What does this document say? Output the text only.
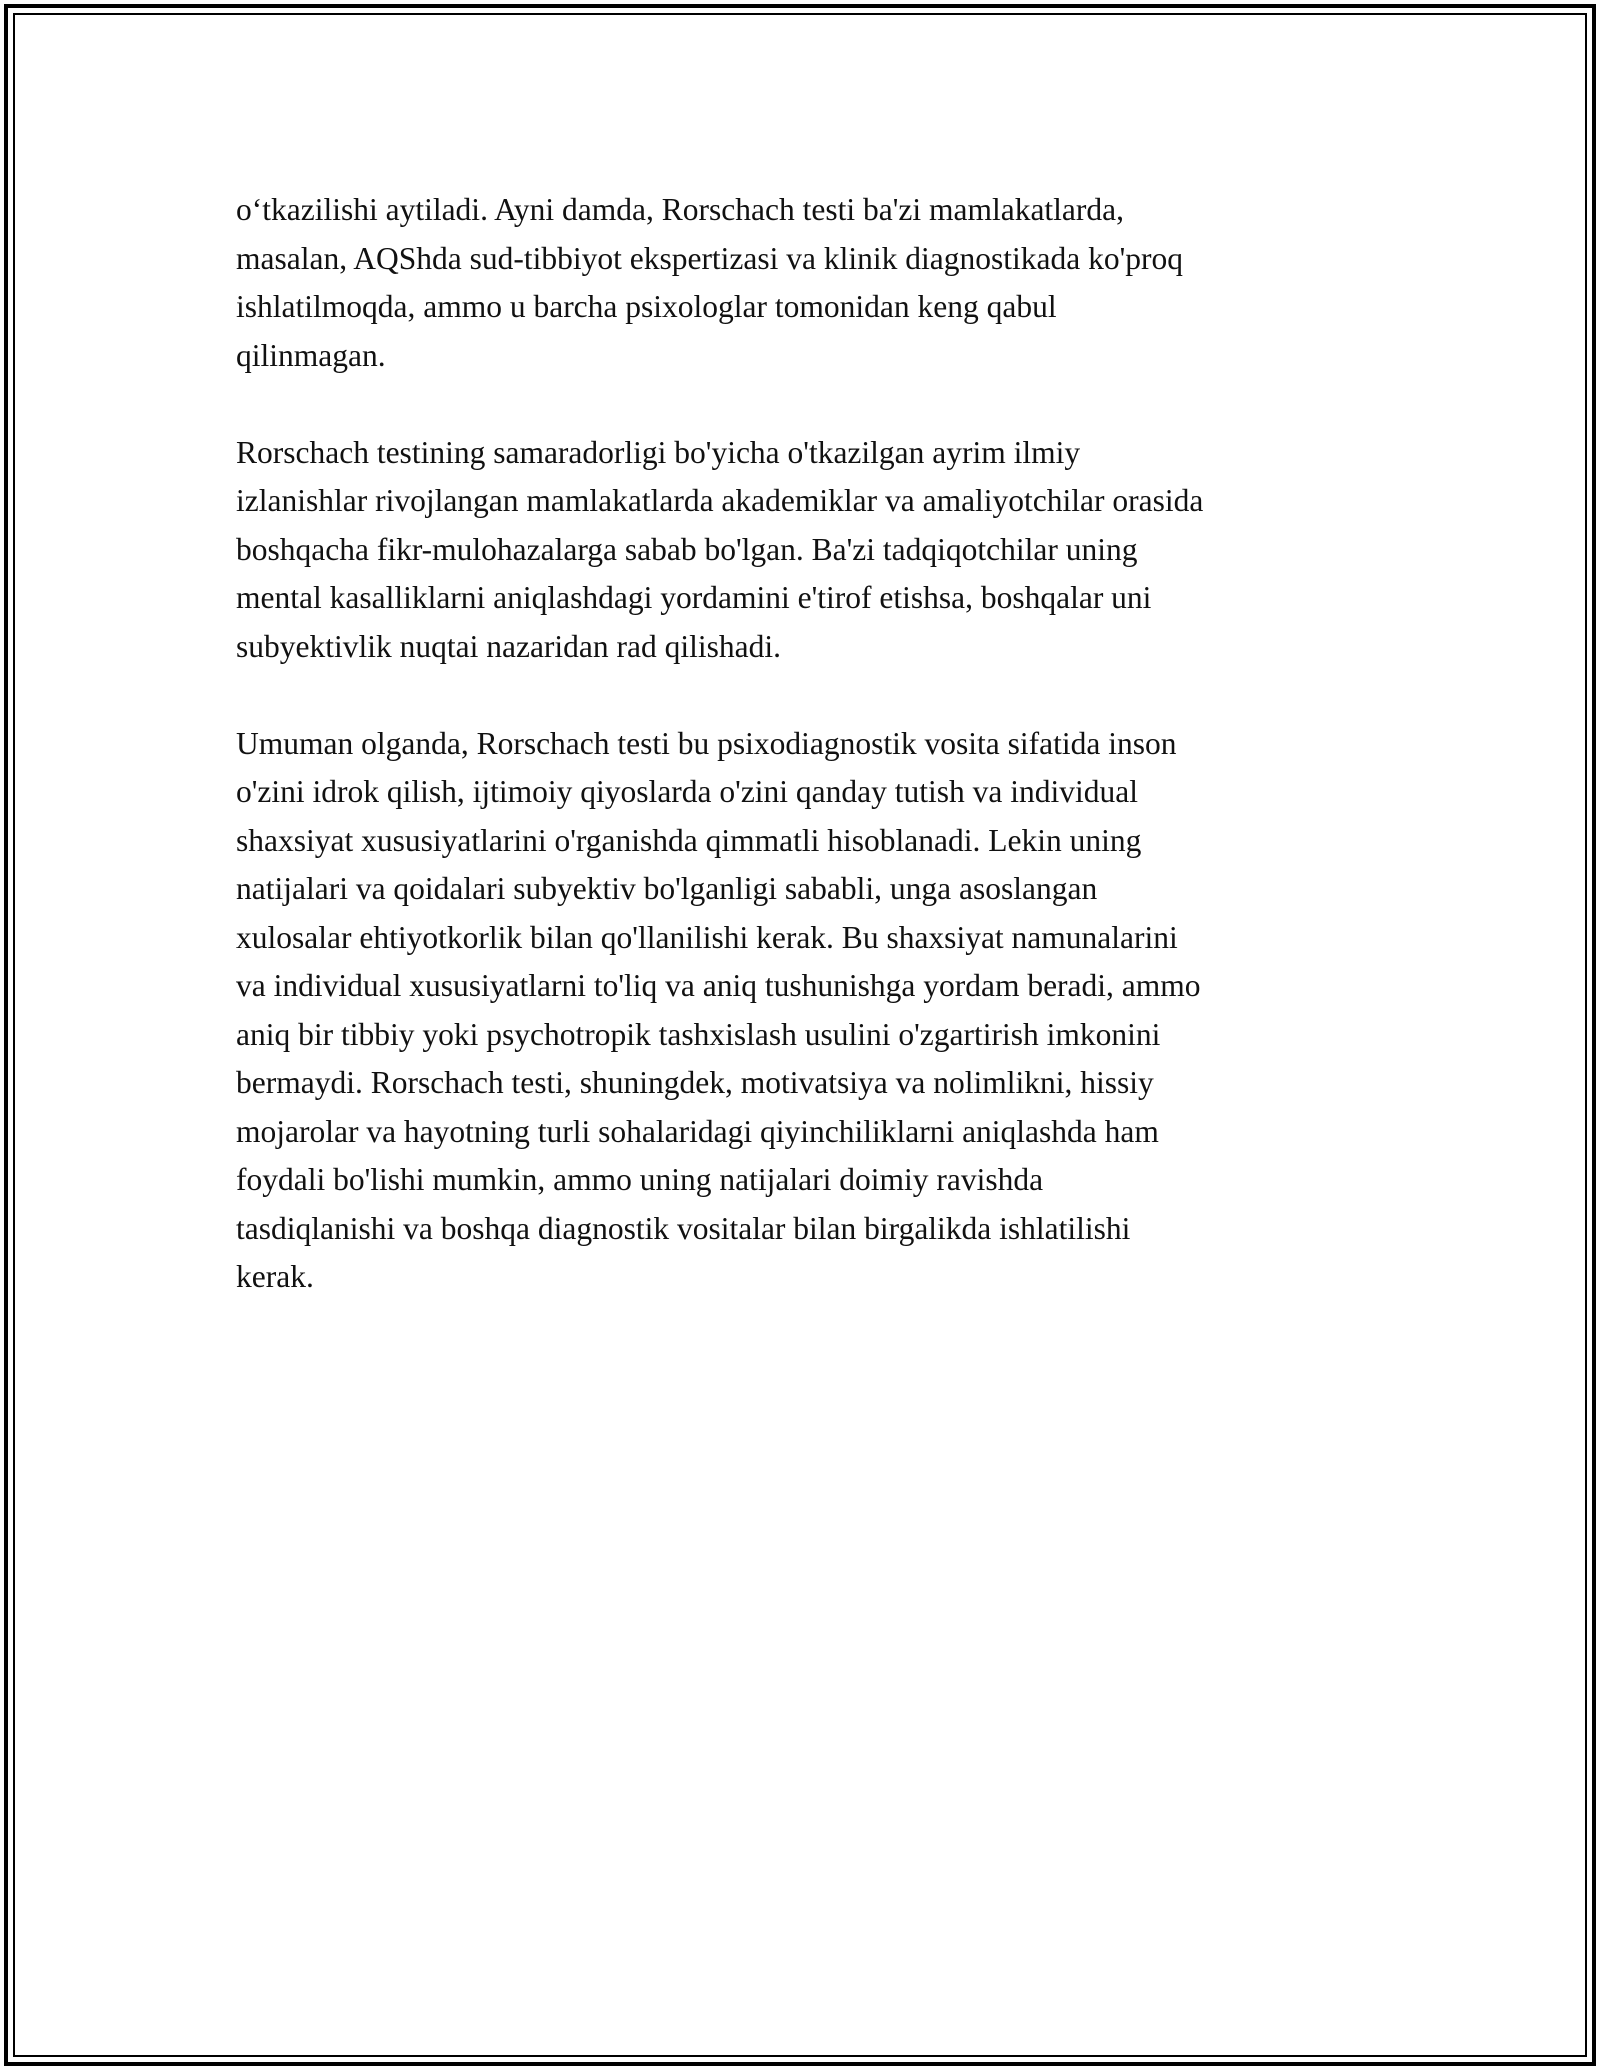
o‘tkazilishi aytiladi. Ayni damda, Rorschach testi ba'zi mamlakatlarda,
masalan, AQShda sud-tibbiyot ekspertizasi va klinik diagnostikada ko'proq
ishlatilmoqda, ammo u barcha psixologlar tomonidan keng qabul
qilinmagan.

Rorschach testining samaradorligi bo'yicha o'tkazilgan ayrim ilmiy
izlanishlar rivojlangan mamlakatlarda akademiklar va amaliyotchilar orasida
boshqacha fikr-mulohazalarga sabab bo'lgan. Ba'zi tadqiqotchilar uning
mental kasalliklarni aniqlashdagi yordamini e'tirof etishsa, boshqalar uni
subyektivlik nuqtai nazaridan rad qilishadi.

Umuman olganda, Rorschach testi bu psixodiagnostik vosita sifatida inson
o'zini idrok qilish, ijtimoiy qiyoslarda o'zini qanday tutish va individual
shaxsiyat xususiyatlarini o'rganishda qimmatli hisoblanadi. Lekin uning
natijalari va qoidalari subyektiv bo'lganligi sababli, unga asoslangan
xulosalar ehtiyotkorlik bilan qo'llanilishi kerak. Bu shaxsiyat namunalarini
va individual xususiyatlarni to'liq va aniq tushunishga yordam beradi, ammo
aniq bir tibbiy yoki psychotropik tashxislash usulini o'zgartirish imkonini
bermaydi. Rorschach testi, shuningdek, motivatsiya va nolimlikni, hissiy
mojarolar va hayotning turli sohalaridagi qiyinchiliklarni aniqlashda ham
foydali bo'lishi mumkin, ammo uning natijalari doimiy ravishda
tasdiqlanishi va boshqa diagnostik vositalar bilan birgalikda ishlatilishi
kerak.
